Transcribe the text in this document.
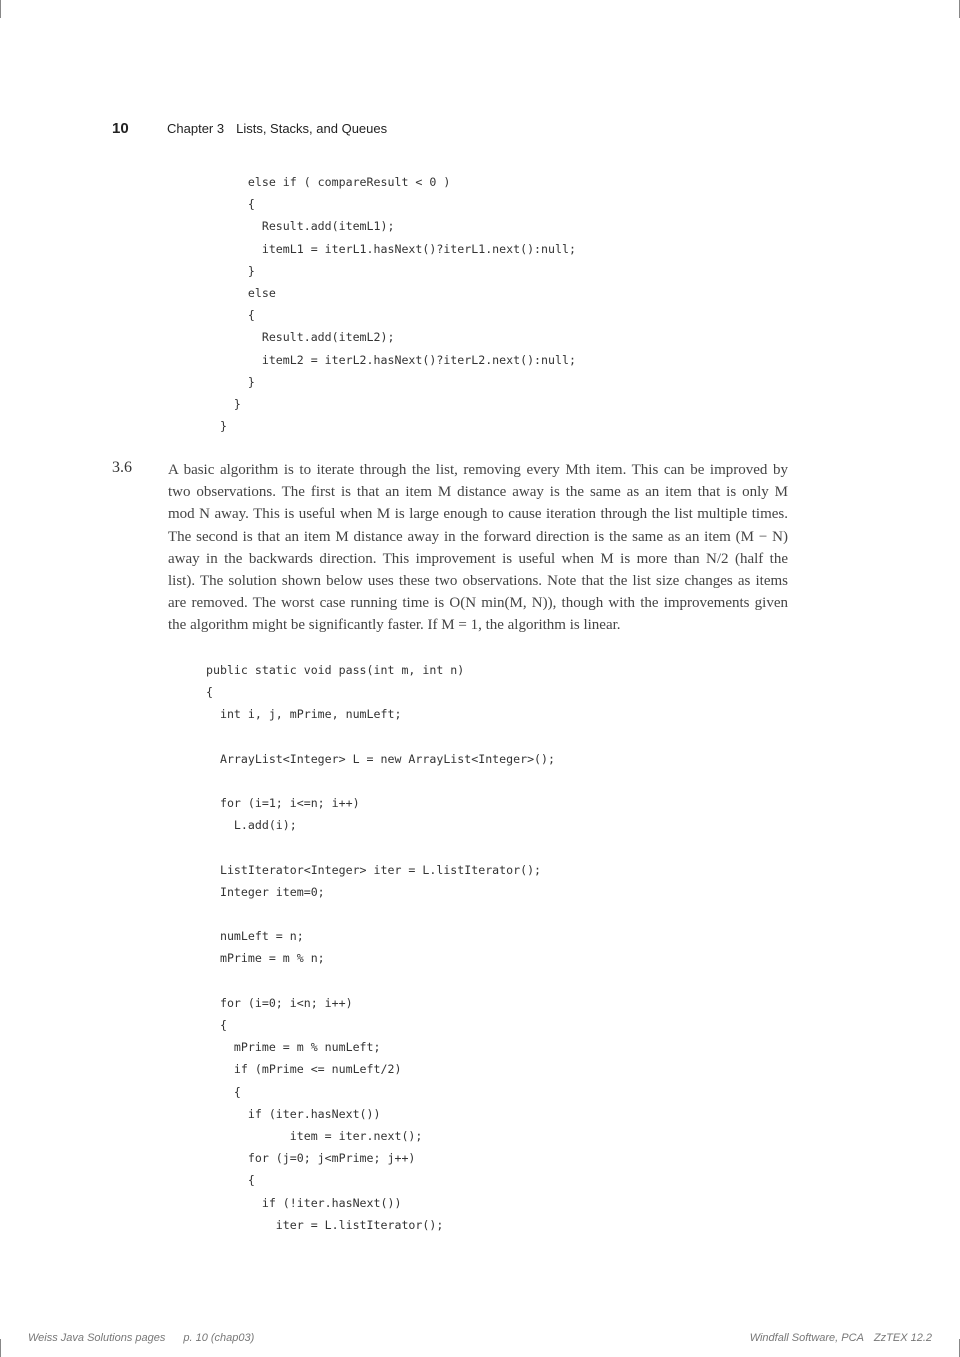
10	Chapter 3 Lists, Stacks, and Queues
else if ( compareResult < 0 )
{
Result.add(itemL1);
itemL1 = iterL1.hasNext()?iterL1.next():null;
}
else
{
Result.add(itemL2);
itemL2 = iterL2.hasNext()?iterL2.next():null;
}
}
}
3.6 A basic algorithm is to iterate through the list, removing every Mth item. This can be improved by
two observations. The first is that an item M distance away is the same as an item that is only M
mod N away. This is useful when M is large enough to cause iteration through the list multiple times.
The second is that an item M distance away in the forward direction is the same as an item (M − N)
away in the backwards direction. This improvement is useful when M is more than N/2 (half the
list). The solution shown below uses these two observations. Note that the list size changes as items
are removed. The worst case running time is O(N min(M, N)), though with the improvements given
the algorithm might be significantly faster. If M = 1, the algorithm is linear.
public static void pass(int m, int n)
{
int i, j, mPrime, numLeft;
ArrayList<Integer> L = new ArrayList<Integer>();
for (i=1; i<=n; i++)
L.add(i);
ListIterator<Integer> iter = L.listIterator();
Integer item=0;
numLeft = n;
mPrime = m % n;
for (i=0; i<n; i++)
{
mPrime = m % numLeft;
if (mPrime <= numLeft/2)
{
if (iter.hasNext())
item = iter.next();
for (j=0; j<mPrime; j++)
{
if (!iter.hasNext())
iter = L.listIterator();
Weiss Java Solutions pages p. 10 (chap03)	Windfall Software, PCA ZzTEX 12.2
